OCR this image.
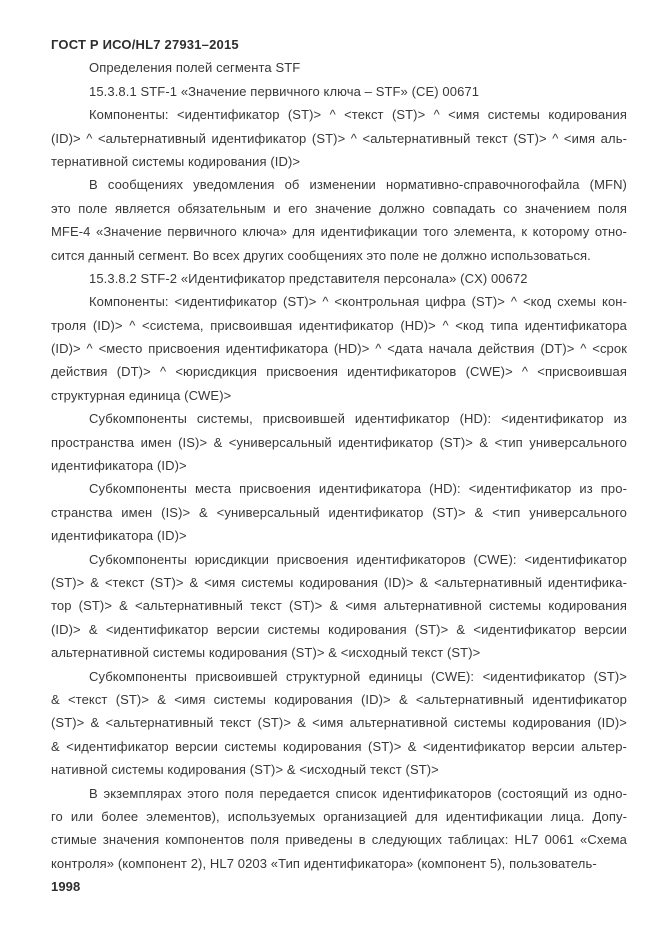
ГОСТ Р ИСО/HL7 27931–2015
Определения полей сегмента STF
15.3.8.1 STF-1 «Значение первичного ключа – STF» (CE) 00671
Компоненты: <идентификатор (ST)> ^ <текст (ST)> ^ <имя системы кодирования
(ID)> ^ <альтернативный идентификатор (ST)> ^ <альтернативный текст (ST)> ^ <имя аль-
тернативной системы кодирования (ID)>
В сообщениях уведомления об изменении нормативно-справочногофайла (MFN)
это поле является обязательным и его значение должно совпадать со значением поля
MFE-4 «Значение первичного ключа» для идентификации того элемента, к которому отно-
сится данный сегмент. Во всех других сообщениях это поле не должно использоваться.
15.3.8.2 STF-2 «Идентификатор представителя персонала» (CX) 00672
Компоненты: <идентификатор (ST)> ^ <контрольная цифра (ST)> ^ <код схемы кон-
троля (ID)> ^ <система, присвоившая идентификатор (HD)> ^ <код типа идентификатора
(ID)> ^ <место присвоения идентификатора (HD)> ^ <дата начала действия (DT)> ^ <срок
действия (DT)> ^ <юрисдикция присвоения идентификаторов (CWE)> ^ <присвоившая
структурная единица (CWE)>
Субкомпоненты системы, присвоившей идентификатор (HD): <идентификатор из
пространства имен (IS)> & <универсальный идентификатор (ST)> & <тип универсального
идентификатора (ID)>
Субкомпоненты места присвоения идентификатора (HD): <идентификатор из про-
странства имен (IS)> & <универсальный идентификатор (ST)> & <тип универсального
идентификатора (ID)>
Субкомпоненты юрисдикции присвоения идентификаторов (CWE): <идентификатор
(ST)> & <текст (ST)> & <имя системы кодирования (ID)> & <альтернативный идентифика-
тор (ST)> & <альтернативный текст (ST)> & <имя альтернативной системы кодирования
(ID)> & <идентификатор версии системы кодирования (ST)> & <идентификатор версии
альтернативной системы кодирования (ST)> & <исходный текст (ST)>
Субкомпоненты присвоившей структурной единицы (CWE): <идентификатор (ST)>
& <текст (ST)> & <имя системы кодирования (ID)> & <альтернативный идентификатор
(ST)> & <альтернативный текст (ST)> & <имя альтернативной системы кодирования (ID)>
& <идентификатор версии системы кодирования (ST)> & <идентификатор версии альтер-
нативной системы кодирования (ST)> & <исходный текст (ST)>
В экземплярах этого поля передается список идентификаторов (состоящий из одно-
го или более элементов), используемых организацией для идентификации лица. Допу-
стимые значения компонентов поля приведены в следующих таблицах: HL7 0061 «Схема
контроля» (компонент 2), HL7 0203 «Тип идентификатора» (компонент 5), пользователь-
1998
